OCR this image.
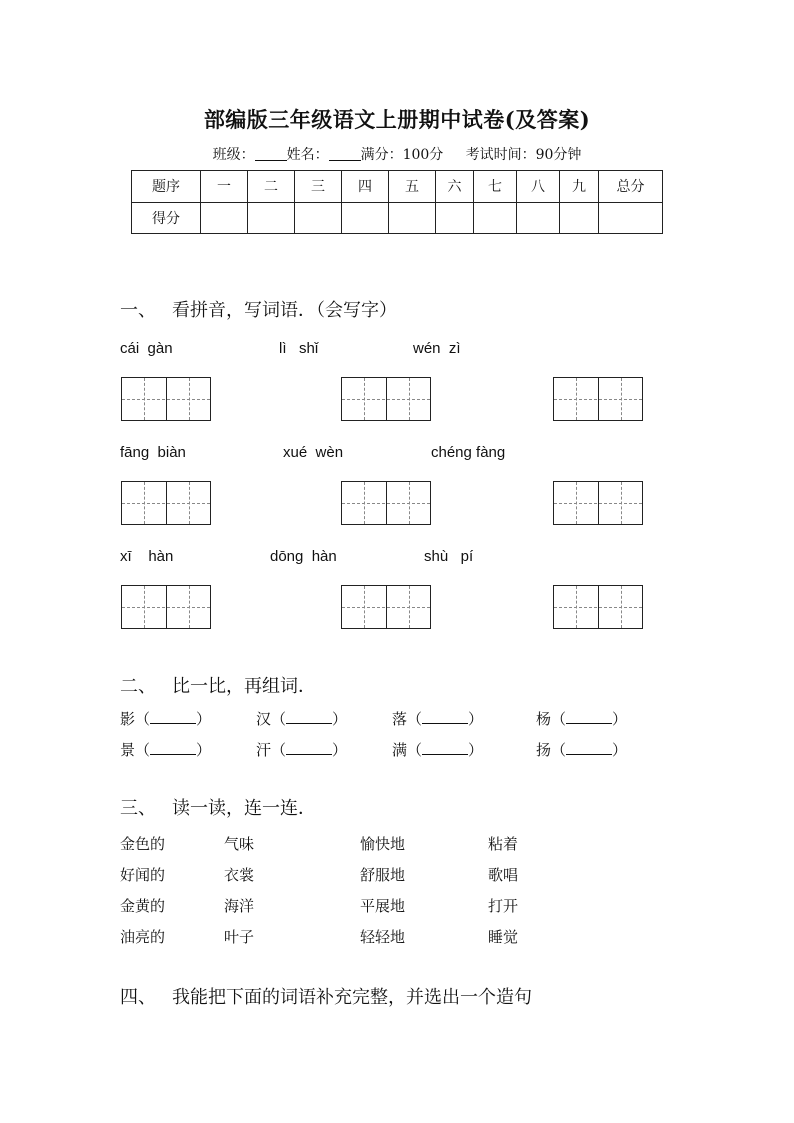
部编版三年级语文上册期中试卷(及答案)
班级： 姓名： 满分：100分 考试时间：90分钟
题序	一	二	三	四	五	六	七	八	九	总分
得分										
一、 看拼音，写词语．（会写字）
cái  gàn	lì   shǐ	wén  zì
fāng  biàn	xué  wèn	chéng fàng
xī    hàn	dōng  hàn	shù   pí
二、 比一比，再组词．
影（	）	汉（	）	落（	）	杨（	）
景（	）	汗（	）	满（	）	扬（	）
三、 读一读，连一连．
金色的	气味	愉快地	粘着
好闻的	衣裳	舒服地	歌唱
金黄的	海洋	平展地	打开
油亮的	叶子	轻轻地	睡觉
四、 我能把下面的词语补充完整，并选出一个造句
